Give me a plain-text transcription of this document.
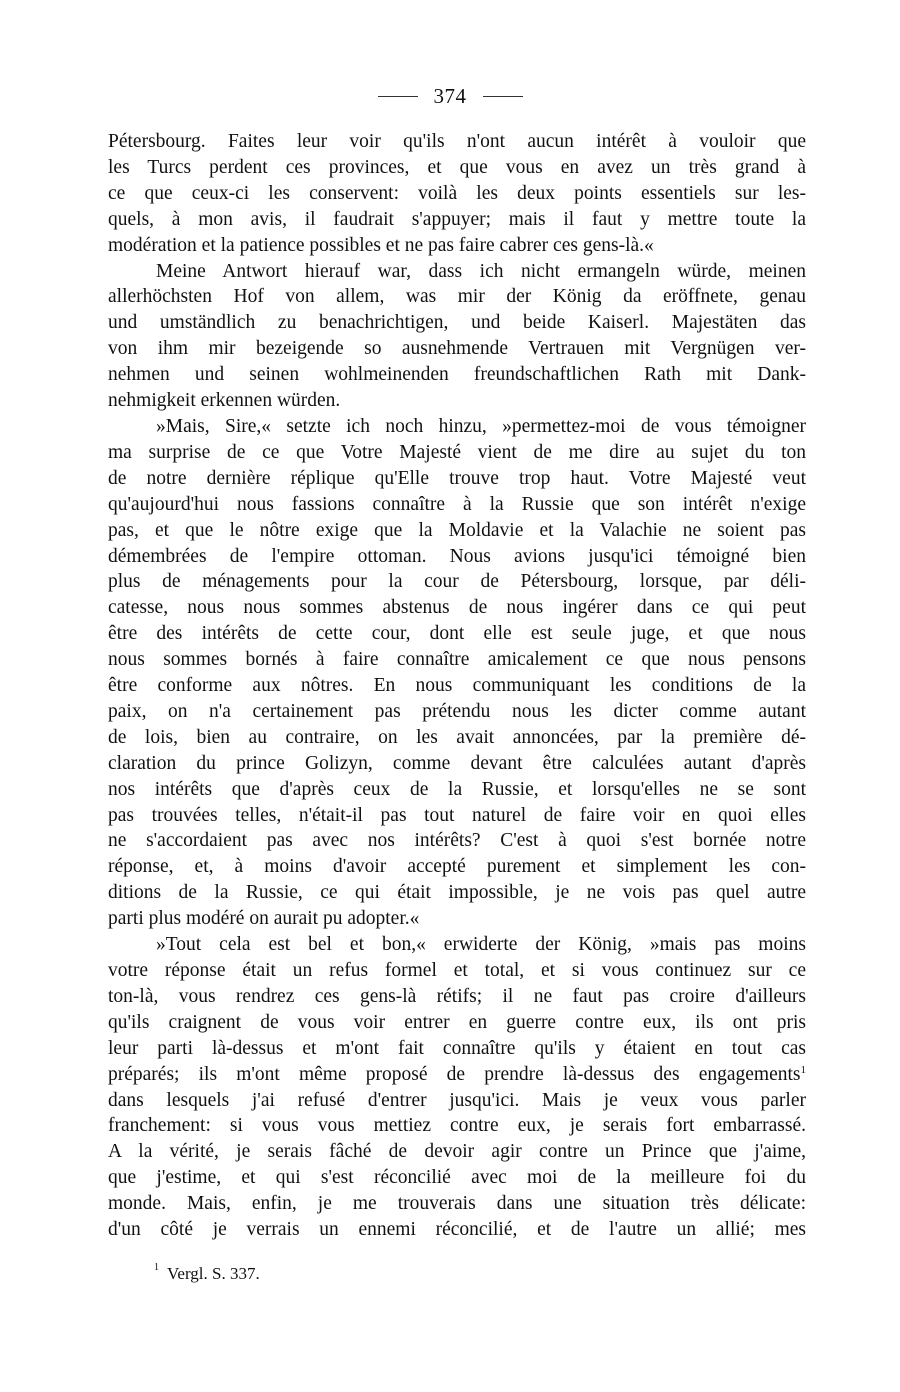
374
Pétersbourg. Faites leur voir qu'ils n'ont aucun intérêt à vouloir que
les Turcs perdent ces provinces, et que vous en avez un très grand à
ce que ceux-ci les conservent: voilà les deux points essentiels sur les-
quels, à mon avis, il faudrait s'appuyer; mais il faut y mettre toute la
modération et la patience possibles et ne pas faire cabrer ces gens-là.«
Meine Antwort hierauf war, dass ich nicht ermangeln würde, meinen
allerhöchsten Hof von allem, was mir der König da eröffnete, genau
und umständlich zu benachrichtigen, und beide Kaiserl. Majestäten das
von ihm mir bezeigende so ausnehmende Vertrauen mit Vergnügen ver-
nehmen und seinen wohlmeinenden freundschaftlichen Rath mit Dank-
nehmigkeit erkennen würden.
»Mais, Sire,« setzte ich noch hinzu, »permettez-moi de vous témoigner
ma surprise de ce que Votre Majesté vient de me dire au sujet du ton
de notre dernière réplique qu'Elle trouve trop haut. Votre Majesté veut
qu'aujourd'hui nous fassions connaître à la Russie que son intérêt n'exige
pas, et que le nôtre exige que la Moldavie et la Valachie ne soient pas
démembrées de l'empire ottoman. Nous avions jusqu'ici témoigné bien
plus de ménagements pour la cour de Pétersbourg, lorsque, par déli-
catesse, nous nous sommes abstenus de nous ingérer dans ce qui peut
être des intérêts de cette cour, dont elle est seule juge, et que nous
nous sommes bornés à faire connaître amicalement ce que nous pensons
être conforme aux nôtres. En nous communiquant les conditions de la
paix, on n'a certainement pas prétendu nous les dicter comme autant
de lois, bien au contraire, on les avait annoncées, par la première dé-
claration du prince Golizyn, comme devant être calculées autant d'après
nos intérêts que d'après ceux de la Russie, et lorsqu'elles ne se sont
pas trouvées telles, n'était-il pas tout naturel de faire voir en quoi elles
ne s'accordaient pas avec nos intérêts? C'est à quoi s'est bornée notre
réponse, et, à moins d'avoir accepté purement et simplement les con-
ditions de la Russie, ce qui était impossible, je ne vois pas quel autre
parti plus modéré on aurait pu adopter.«
»Tout cela est bel et bon,« erwiderte der König, »mais pas moins
votre réponse était un refus formel et total, et si vous continuez sur ce
ton-là, vous rendrez ces gens-là rétifs; il ne faut pas croire d'ailleurs
qu'ils craignent de vous voir entrer en guerre contre eux, ils ont pris
leur parti là-dessus et m'ont fait connaître qu'ils y étaient en tout cas
préparés; ils m'ont même proposé de prendre là-dessus des engagements$^1$
dans lesquels j'ai refusé d'entrer jusqu'ici. Mais je veux vous parler
franchement: si vous vous mettiez contre eux, je serais fort embarrassé.
A la vérité, je serais fâché de devoir agir contre un Prince que j'aime,
que j'estime, et qui s'est réconcilié avec moi de la meilleure foi du
monde. Mais, enfin, je me trouverais dans une situation très délicate:
d'un côté je verrais un ennemi réconcilié, et de l'autre un allié; mes
$^1$ Vergl. S. 337.
